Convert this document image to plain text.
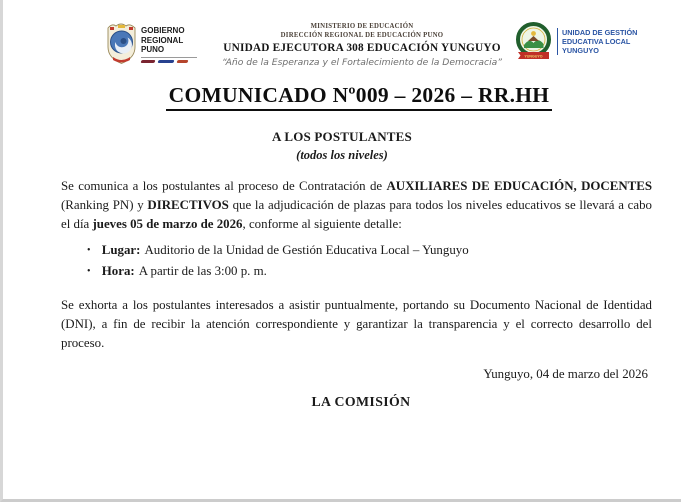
GOBIERNO
REGIONAL
PUNO
MINISTERIO DE EDUCACIÓN
DIRECCIÓN REGIONAL DE EDUCACIÓN PUNO
UNIDAD EJECUTORA 308 EDUCACIÓN YUNGUYO
“Año de la Esperanza y el Fortalecimiento de la Democracia”
YUNGUYO
UNIDAD DE GESTIÓN
EDUCATIVA LOCAL
YUNGUYO
COMUNICADO Nº009 – 2026 – RR.HH
A LOS POSTULANTES
(todos los niveles)

Se comunica a los postulantes al proceso de Contratación de AUXILIARES DE EDUCACIÓN, DOCENTES (Ranking PN) y DIRECTIVOS que la adjudicación de plazas para todos los niveles educativos se llevará a cabo el día jueves 05 de marzo de 2026, conforme al siguiente detalle:

• Lugar: Auditorio de la Unidad de Gestión Educativa Local – Yunguyo
• Hora: A partir de las 3:00 p. m.

Se exhorta a los postulantes interesados a asistir puntualmente, portando su Documento Nacional de Identidad (DNI), a fin de recibir la atención correspondiente y garantizar la transparencia y el correcto desarrollo del proceso.

Yunguyo, 04 de marzo del 2026
LA COMISIÓN
